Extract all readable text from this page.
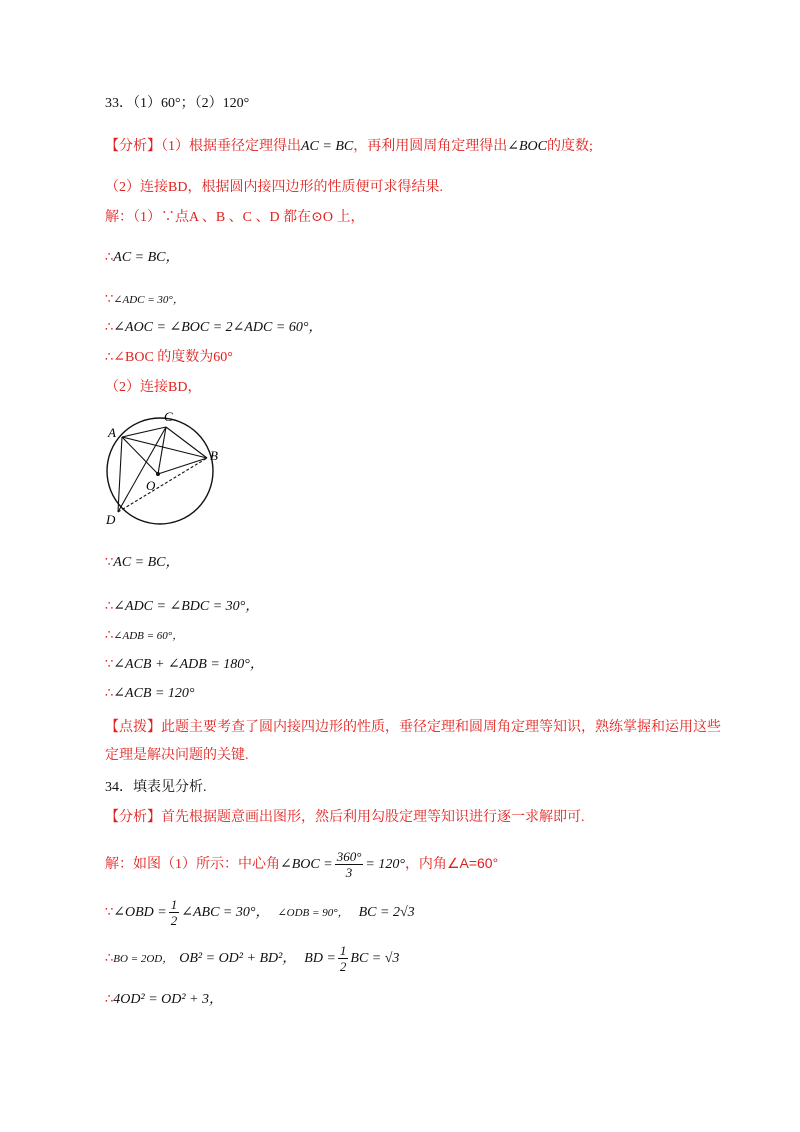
33．（1）60°；（2）120°
【分析】（1）根据垂径定理得出AC = BC，再利用圆周角定理得出∠BOC的度数;
（2）连接BD，根据圆内接四边形的性质便可求得结果.
解：（1）∵点A 、B 、C 、D 都在⊙O 上，
∴AC = BC，
∵∠ADC = 30°，
∴∠AOC = ∠BOC = 2∠ADC = 60°，
∴∠BOC 的度数为60°
（2）连接BD，
A
C
B
D
O
∵AC = BC，
∴∠ADC = ∠BDC = 30°，
∴∠ADB = 60°，
∵∠ACB + ∠ADB = 180°，
∴∠ACB = 120°
【点拨】此题主要考查了圆内接四边形的性质，垂径定理和圆周角定理等知识，熟练掌握和运用这些
定理是解决问题的关键.
34．填表见分析.
【分析】首先根据题意画出图形，然后利用勾股定理等知识进行逐一求解即可.
解：如图（1）所示：中心角∠BOC = $\frac{360^\circ}{3} = 120^\circ$，内角∠A=60°
∵∠OBD = $\frac{1}{2}$ ∠ABC = 30°， ∠ODB = 90°， BC = 2√3
∴BO = 2OD， OB² = OD² + BD²， BD = $\frac{1}{2}$ BC = √3
∴4OD² = OD² + 3，
